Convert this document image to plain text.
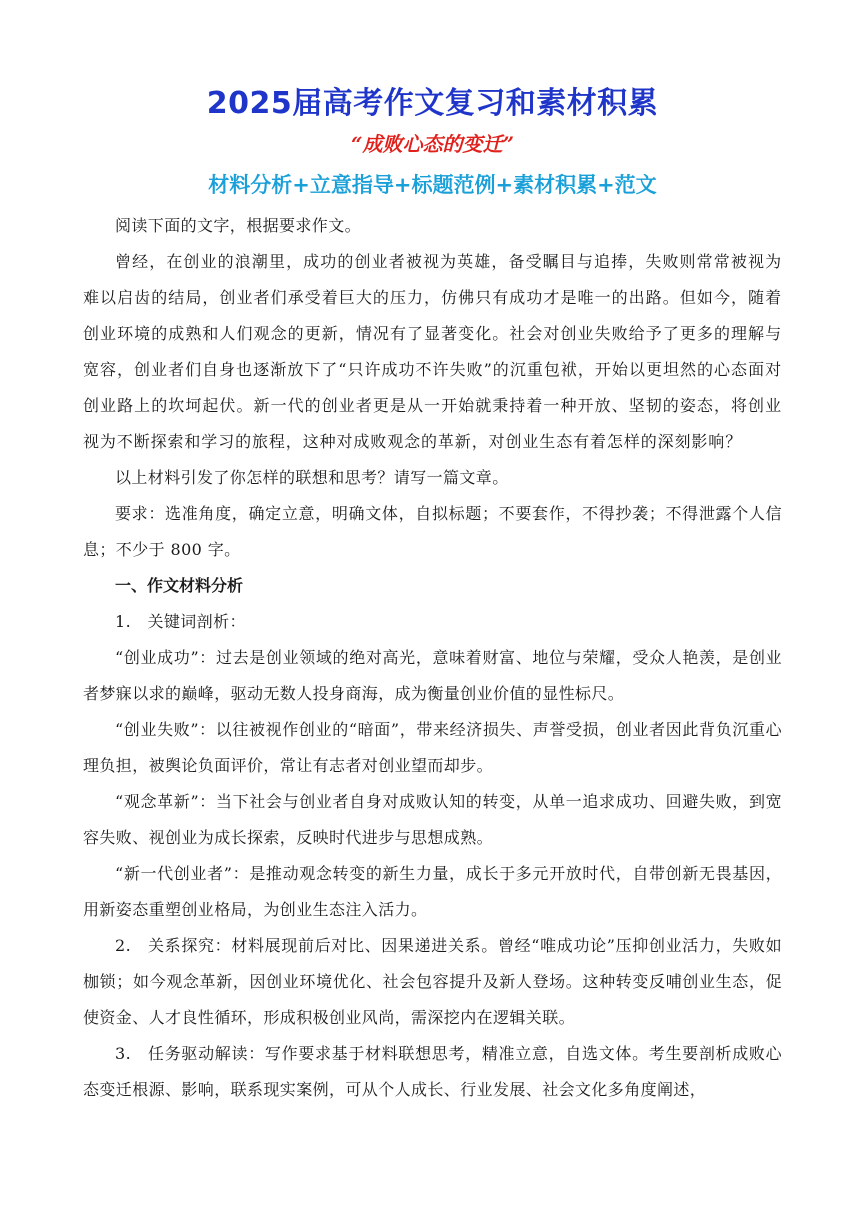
2025届高考作文复习和素材积累
“成败心态的变迁”
材料分析+立意指导+标题范例+素材积累+范文

阅读下面的文字，根据要求作文。

曾经，在创业的浪潮里，成功的创业者被视为英雄，备受瞩目与追捧，失败则常常被视为难以启齿的结局，创业者们承受着巨大的压力，仿佛只有成功才是唯一的出路。但如今，随着创业环境的成熟和人们观念的更新，情况有了显著变化。社会对创业失败给予了更多的理解与宽容，创业者们自身也逐渐放下了“只许成功不许失败”的沉重包袱，开始以更坦然的心态面对创业路上的坎坷起伏。新一代的创业者更是从一开始就秉持着一种开放、坚韧的姿态，将创业视为不断探索和学习的旅程，这种对成败观念的革新，对创业生态有着怎样的深刻影响？

以上材料引发了你怎样的联想和思考？请写一篇文章。

要求：选准角度，确定立意，明确文体，自拟标题；不要套作，不得抄袭；不得泄露个人信息；不少于 800 字。

一、作文材料分析

1.　关键词剖析：

“创业成功”：过去是创业领域的绝对高光，意味着财富、地位与荣耀，受众人艳羡，是创业者梦寐以求的巅峰，驱动无数人投身商海，成为衡量创业价值的显性标尺。

“创业失败”：以往被视作创业的“暗面”，带来经济损失、声誉受损，创业者因此背负沉重心理负担，被舆论负面评价，常让有志者对创业望而却步。

“观念革新”：当下社会与创业者自身对成败认知的转变，从单一追求成功、回避失败，到宽容失败、视创业为成长探索，反映时代进步与思想成熟。

“新一代创业者”：是推动观念转变的新生力量，成长于多元开放时代，自带创新无畏基因，用新姿态重塑创业格局，为创业生态注入活力。

2.　关系探究：材料展现前后对比、因果递进关系。曾经“唯成功论”压抑创业活力，失败如枷锁；如今观念革新，因创业环境优化、社会包容提升及新人登场。这种转变反哺创业生态，促使资金、人才良性循环，形成积极创业风尚，需深挖内在逻辑关联。

3.　任务驱动解读：写作要求基于材料联想思考，精准立意，自选文体。考生要剖析成败心态变迁根源、影响，联系现实案例，可从个人成长、行业发展、社会文化多角度阐述，
